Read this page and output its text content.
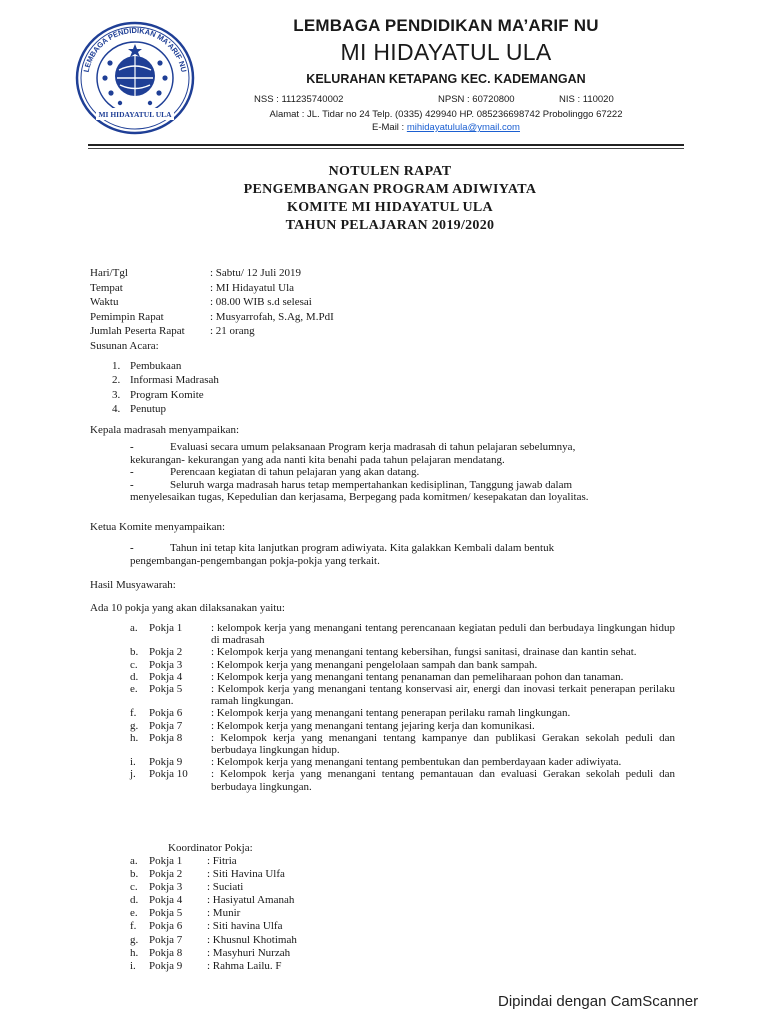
LEMBAGA PENDIDIKAN MA'ARIF NU
MI HIDAYATUL ULA
LEMBAGA PENDIDIKAN MA’ARIF NU
MI HIDAYATUL ULA
KELURAHAN KETAPANG KEC. KADEMANGAN
NSS : 111235740002	NPSN : 60720800	NIS : 110020
Alamat : JL. Tidar no 24 Telp. (0335) 429940 HP. 085236698742 Probolinggo 67222
E-Mail : mihidayatulula@ymail.com
NOTULEN RAPAT
PENGEMBANGAN PROGRAM ADIWIYATA
KOMITE MI HIDAYATUL ULA
TAHUN PELAJARAN 2019/2020
Hari/Tgl	: Sabtu/ 12 Juli 2019
Tempat	: MI Hidayatul Ula
Waktu	: 08.00 WIB s.d selesai
Pemimpin Rapat	: Musyarrofah, S.Ag, M.PdI
Jumlah Peserta Rapat	: 21 orang
Susunan Acara:
1. Pembukaan
2. Informasi Madrasah
3. Program Komite
4. Penutup
Kepala madrasah menyampaikan:
-	Evaluasi secara umum pelaksanaan Program kerja madrasah di tahun pelajaran sebelumnya,
kekurangan- kekurangan yang ada nanti kita benahi pada tahun pelajaran mendatang.
-	Perencaan kegiatan di tahun pelajaran yang akan datang.
-	Seluruh warga madrasah harus tetap mempertahankan kedisiplinan, Tanggung jawab dalam
menyelesaikan tugas, Kepedulian dan kerjasama, Berpegang pada komitmen/ kesepakatan dan loyalitas.
Ketua Komite menyampaikan:
-	Tahun ini tetap kita lanjutkan program adiwiyata. Kita galakkan Kembali dalam bentuk
pengembangan-pengembangan pokja-pokja yang terkait.
Hasil Musyawarah:
Ada 10 pokja yang akan dilaksanakan yaitu:
a.	Pokja 1	: kelompok kerja yang menangani tentang perencanaan kegiatan peduli dan berbudaya lingkungan hidup di madrasah
b. Pokja 2	: Kelompok kerja yang menangani tentang kebersihan, fungsi sanitasi, drainase dan kantin sehat.
c.	Pokja 3	: Kelompok kerja yang menangani pengelolaan sampah dan bank sampah.
d. Pokja 4	: Kelompok kerja yang menangani tentang penanaman dan pemeliharaan pohon dan tanaman.
e.	Pokja 5	: Kelompok kerja yang menangani tentang konservasi air, energi dan inovasi terkait penerapan perilaku ramah lingkungan.
f.	Pokja 6	: Kelompok kerja yang menangani tentang penerapan perilaku ramah lingkungan.
g. Pokja 7	: Kelompok kerja yang menangani tentang jejaring kerja dan komunikasi.
h. Pokja 8	: Kelompok kerja yang menangani tentang kampanye dan publikasi Gerakan sekolah peduli dan berbudaya lingkungan hidup.
i.	Pokja 9	: Kelompok kerja yang menangani tentang pembentukan dan pemberdayaan kader adiwiyata.
j.	Pokja 10	: Kelompok kerja yang menangani tentang pemantauan dan evaluasi Gerakan sekolah peduli dan berbudaya lingkungan.
Koordinator Pokja:
a.	Pokja 1	: Fitria
b. Pokja 2	: Siti Havina Ulfa
c.	Pokja 3	: Suciati
d. Pokja 4	: Hasiyatul Amanah
e.	Pokja 5	: Munir
f.	Pokja 6	: Siti havina Ulfa
g. Pokja 7	: Khusnul Khotimah
h. Pokja 8	: Masyhuri Nurzah
i.	Pokja 9	: Rahma Lailu. F
Dipindai dengan CamScanner
